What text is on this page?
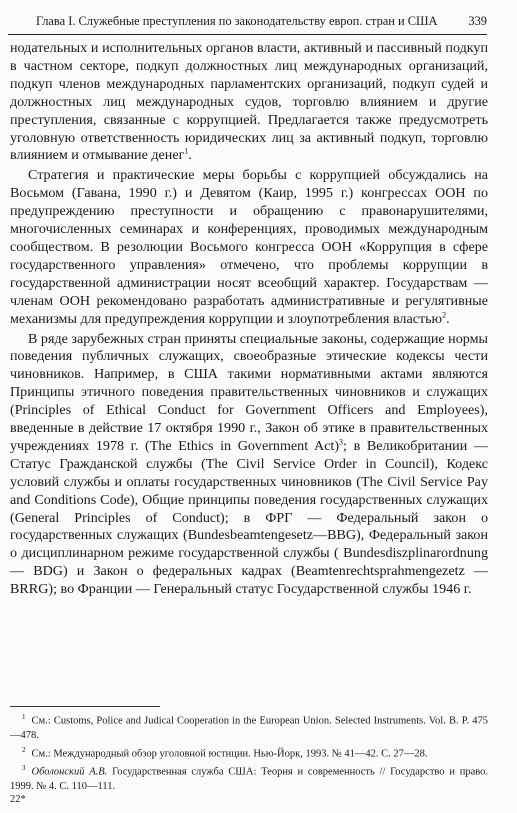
Глава I. Служебные преступления по законодательству европ. стран и США 339

нодательных и исполнительных органов власти, активный и пассивный подкуп в частном секторе, подкуп должностных лиц международных организаций, подкуп членов международных парламентских организаций, подкуп судей и должностных лиц международных судов, торговлю влиянием и другие преступления, связанные с коррупцией. Предлагается также предусмотреть уголовную ответственность юридических лиц за активный подкуп, торговлю влиянием и отмывание денег$^1$.

Стратегия и практические меры борьбы с коррупцией обсуждались на Восьмом (Гавана, 1990 г.) и Девятом (Каир, 1995 г.) конгрессах ООН по предупреждению преступности и обращению с правонарушителями, многочисленных семинарах и конференциях, проводимых международным сообществом. В резолюции Восьмого конгресса ООН «Коррупция в сфере государственного управления» отмечено, что проблемы коррупции в государственной администрации носят всеобщий характер. Государствам — членам ООН рекомендовано разработать административные и регулятивные механизмы для предупреждения коррупции и злоупотребления властью$^2$.

В ряде зарубежных стран приняты специальные законы, содержащие нормы поведения публичных служащих, своеобразные этические кодексы чести чиновников. Например, в США такими нормативными актами являются Принципы этичного поведения правительственных чиновников и служащих (Principles of Ethical Conduct for Government Officers and Employees), введенные в действие 17 октября 1990 г., Закон об этике в правительственных учреждениях 1978 г. (The Ethics in Government Act)$^3$; в Великобритании — Статус Гражданской службы (The Civil Service Order in Council), Кодекс условий службы и оплаты государственных чиновников (The Civil Service Pay and Conditions Code), Общие принципы поведения государственных служащих (General Principles of Conduct); в ФРГ — Федеральный закон о государственных служащих (Bundesbeamtengesetz—BBG), Федеральный закон о дисциплинарном режиме государственной службы ( Bundesdiszplinarordnung — BDG) и Закон о федеральных кадрах (Beamtenrechtsprahmengezetz — BRRG); во Франции — Генеральный статус Государственной службы 1946 г.

$^1$ См.: Customs, Police and Judical Cooperation in the European Union. Selected Instruments. Vol. B. P. 475—478.

$^2$ См.: Международный обзор уголовной юстиции. Нью-Йорк, 1993. № 41—42. С. 27—28.

$^3$ Оболонский А.В. Государственная служба США: Теория и современность // Государство и право. 1999. № 4. С. 110—111.

22*
